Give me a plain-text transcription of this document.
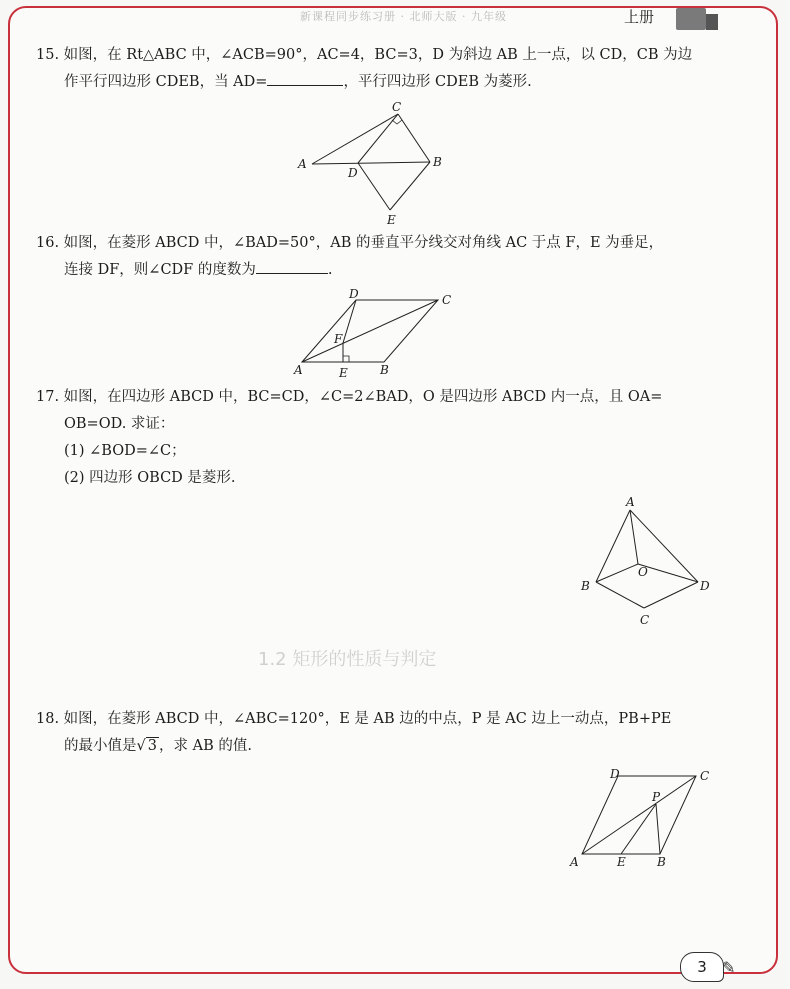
新课程同步练习册 · 北师大版 · 九年级	上册
1.2 矩形的性质与判定

15. 如图，在 Rt△ABC 中，∠ACB=90°，AC=4，BC=3，D 为斜边 AB 上一点，以 CD，CB 为边

作平行四边形 CDEB，当 AD=	，平行四边形 CDEB 为菱形.

C
A	B
D
E

16. 如图，在菱形 ABCD 中，∠BAD=50°，AB 的垂直平分线交对角线 AC 于点 F，E 为垂足，

连接 DF，则∠CDF 的度数为	.

A	B
C
D
E
F

17. 如图，在四边形 ABCD 中，BC=CD，∠C=2∠BAD，O 是四边形 ABCD 内一点，且 OA=

OB=OD. 求证：

(1) ∠BOD=∠C；

(2) 四边形 OBCD 是菱形.

A
B
C
D
O

18. 如图，在菱形 ABCD 中，∠ABC=120°，E 是 AB 边的中点，P 是 AC 边上一动点，PB+PE

的最小值是√ 3 ，求 AB 的值.

A	B
C
D
E
P
3 ✎
